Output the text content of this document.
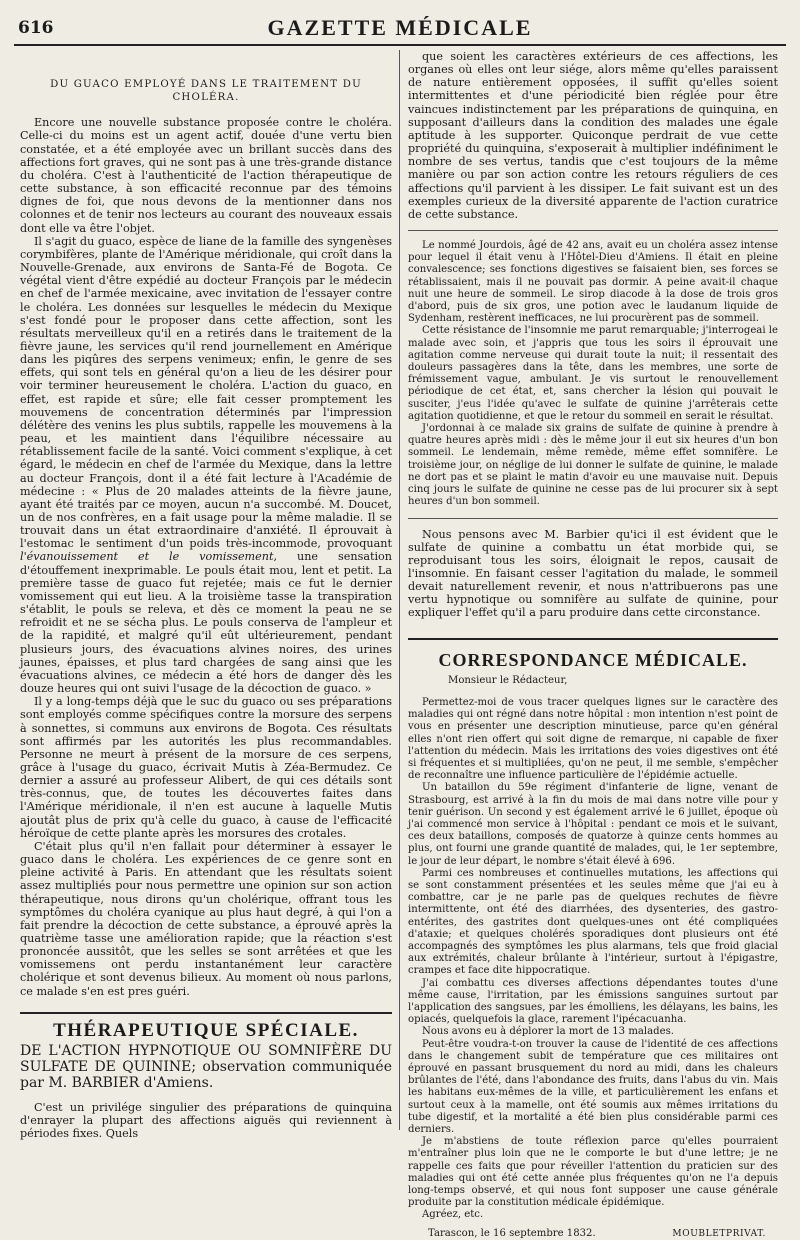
616	GAZETTE MÉDICALE

DU GUACO EMPLOYÉ DANS LE TRAITEMENT DU CHOLÉRA.

Encore une nouvelle substance proposée contre le choléra. Celle-ci du moins est un agent actif, douée d'une vertu bien constatée, et a été employée avec un brillant succès dans des affections fort graves, qui ne sont pas à une très-grande distance du choléra. C'est à l'authenticité de l'action thérapeutique de cette substance, à son efficacité reconnue par des témoins dignes de foi, que nous devons de la mentionner dans nos colonnes et de tenir nos lecteurs au courant des nouveaux essais dont elle va être l'objet.

Il s'agit du guaco, espèce de liane de la famille des syngenèses corymbifères, plante de l'Amérique méridionale, qui croît dans la Nouvelle-Grenade, aux environs de Santa-Fé de Bogota. Ce végétal vient d'être expédié au docteur François par le médecin en chef de l'armée mexicaine, avec invitation de l'essayer contre le choléra. Les données sur lesquelles le médecin du Mexique s'est fondé pour le proposer dans cette affection, sont les résultats merveilleux qu'il en a retirés dans le traitement de la fièvre jaune, les services qu'il rend journellement en Amérique dans les piqûres des serpens venimeux; enfin, le genre de ses effets, qui sont tels en général qu'on a lieu de les désirer pour voir terminer heureusement le choléra. L'action du guaco, en effet, est rapide et sûre; elle fait cesser promptement les mouvemens de concentration déterminés par l'impression délétère des venins les plus subtils, rappelle les mouvemens à la peau, et les maintient dans l'équilibre nécessaire au rétablissement facile de la santé. Voici comment s'explique, à cet égard, le médecin en chef de l'armée du Mexique, dans la lettre au docteur François, dont il a été fait lecture à l'Académie de médecine : « Plus de 20 malades atteints de la fièvre jaune, ayant été traités par ce moyen, aucun n'a succombé. M. Doucet, un de nos confrères, en a fait usage pour la même maladie. Il se trouvait dans un état extraordinaire d'anxiété. Il éprouvait à l'estomac le sentiment d'un poids très-incommode, provoquant l'évanouissement et le vomissement, une sensation d'étouffement inexprimable. Le pouls était mou, lent et petit. La première tasse de guaco fut rejetée; mais ce fut le dernier vomissement qui eut lieu. A la troisième tasse la transpiration s'établit, le pouls se releva, et dès ce moment la peau ne se refroidit et ne se sécha plus. Le pouls conserva de l'ampleur et de la rapidité, et malgré qu'il eût ultérieurement, pendant plusieurs jours, des évacuations alvines noires, des urines jaunes, épaisses, et plus tard chargées de sang ainsi que les évacuations alvines, ce médecin a été hors de danger dès les douze heures qui ont suivi l'usage de la décoction de guaco. »

Il y a long-temps déjà que le suc du guaco ou ses préparations sont employés comme spécifiques contre la morsure des serpens à sonnettes, si communs aux environs de Bogota. Ces résultats sont affirmés par les autorités les plus recommandables. Personne ne meurt à présent de la morsure de ces serpens, grâce à l'usage du guaco, écrivait Mutis à Zéa-Bermudez. Ce dernier a assuré au professeur Alibert, de qui ces détails sont très-connus, que, de toutes les découvertes faites dans l'Amérique méridionale, il n'en est aucune à laquelle Mutis ajoutât plus de prix qu'à celle du guaco, à cause de l'efficacité héroïque de cette plante après les morsures des crotales.

C'était plus qu'il n'en fallait pour déterminer à essayer le guaco dans le choléra. Les expériences de ce genre sont en pleine activité à Paris. En attendant que les résultats soient assez multipliés pour nous permettre une opinion sur son action thérapeutique, nous dirons qu'un cholérique, offrant tous les symptômes du choléra cyanique au plus haut degré, à qui l'on a fait prendre la décoction de cette substance, a éprouvé après la quatrième tasse une amélioration rapide; que la réaction s'est prononcée aussitôt, que les selles se sont arrêtées et que les vomissemens ont perdu instantanément leur caractère cholérique et sont devenus bilieux. Au moment où nous parlons, ce malade s'en est pres guéri.

THÉRAPEUTIQUE SPÉCIALE.

DE L'ACTION HYPNOTIQUE OU SOMNIFÈRE DU SULFATE DE QUININE; observation communiquée par M. BARBIER d'Amiens.

C'est un privilége singulier des préparations de quinquina d'enrayer la plupart des affections aiguës qui reviennent à périodes fixes. Quels

que soient les caractères extérieurs de ces affections, les organes où elles ont leur siége, alors même qu'elles paraissent de nature entièrement opposées, il suffit qu'elles soient intermittentes et d'une périodicité bien réglée pour être vaincues indistinctement par les préparations de quinquina, en supposant d'ailleurs dans la condition des malades une égale aptitude à les supporter. Quiconque perdrait de vue cette propriété du quinquina, s'exposerait à multiplier indéfiniment le nombre de ses vertus, tandis que c'est toujours de la même manière ou par son action contre les retours réguliers de ces affections qu'il parvient à les dissiper. Le fait suivant est un des exemples curieux de la diversité apparente de l'action curatrice de cette substance.

Le nommé Jourdois, âgé de 42 ans, avait eu un choléra assez intense pour lequel il était venu à l'Hôtel-Dieu d'Amiens. Il était en pleine convalescence; ses fonctions digestives se faisaient bien, ses forces se rétablissaient, mais il ne pouvait pas dormir. A peine avait-il chaque nuit une heure de sommeil. Le sirop diacode à la dose de trois gros d'abord, puis de six gros, une potion avec le laudanum liquide de Sydenham, restèrent inefficaces, ne lui procurèrent pas de sommeil.

Cette résistance de l'insomnie me parut remarquable; j'interrogeai le malade avec soin, et j'appris que tous les soirs il éprouvait une agitation comme nerveuse qui durait toute la nuit; il ressentait des douleurs passagères dans la tête, dans les membres, une sorte de frémissement vague, ambulant. Je vis surtout le renouvellement périodique de cet état, et, sans chercher la lésion qui pouvait le susciter, j'eus l'idée qu'avec le sulfate de quinine j'arrêterais cette agitation quotidienne, et que le retour du sommeil en serait le résultat.

J'ordonnai à ce malade six grains de sulfate de quinine à prendre à quatre heures après midi : dès le même jour il eut six heures d'un bon sommeil. Le lendemain, même remède, même effet somnifère. Le troisième jour, on néglige de lui donner le sulfate de quinine, le malade ne dort pas et se plaint le matin d'avoir eu une mauvaise nuit. Depuis cinq jours le sulfate de quinine ne cesse pas de lui procurer six à sept heures d'un bon sommeil.

Nous pensons avec M. Barbier qu'ici il est évident que le sulfate de quinine a combattu un état morbide qui, se reproduisant tous les soirs, éloignait le repos, causait de l'insomnie. En faisant cesser l'agitation du malade, le sommeil devait naturellement revenir, et nous n'attribuerons pas une vertu hypnotique ou somnifère au sulfate de quinine, pour expliquer l'effet qu'il a paru produire dans cette circonstance.

CORRESPONDANCE MÉDICALE.

Monsieur le Rédacteur,

Permettez-moi de vous tracer quelques lignes sur le caractère des maladies qui ont régné dans notre hôpital : mon intention n'est point de vous en présenter une description minutieuse, parce qu'en général elles n'ont rien offert qui soit digne de remarque, ni capable de fixer l'attention du médecin. Mais les irritations des voies digestives ont été si fréquentes et si multipliées, qu'on ne peut, il me semble, s'empêcher de reconnaître une influence particulière de l'épidémie actuelle.

Un bataillon du 59e régiment d'infanterie de ligne, venant de Strasbourg, est arrivé à la fin du mois de mai dans notre ville pour y tenir guérison. Un second y est également arrivé le 6 juillet, époque où j'ai commencé mon service à l'hôpital : pendant ce mois et le suivant, ces deux bataillons, composés de quatorze à quinze cents hommes au plus, ont fourni une grande quantité de malades, qui, le 1er septembre, le jour de leur départ, le nombre s'était élevé à 696.

Parmi ces nombreuses et continuelles mutations, les affections qui se sont constamment présentées et les seules même que j'ai eu à combattre, car je ne parle pas de quelques rechutes de fièvre intermittente, ont été des diarrhées, des dysenteries, des gastro-entérites, des gastrites dont quelques-unes ont été compliquées d'ataxie; et quelques cholérés sporadiques dont plusieurs ont été accompagnés des symptômes les plus alarmans, tels que froid glacial aux extrémités, chaleur brûlante à l'intérieur, surtout à l'épigastre, crampes et face dite hippocratique.

J'ai combattu ces diverses affections dépendantes toutes d'une même cause, l'irritation, par les émissions sanguines surtout par l'application des sangsues, par les émolliens, les délayans, les bains, les opiacés, quelquefois la glace, rarement l'ipécacuanha.

Nous avons eu à déplorer la mort de 13 malades.

Peut-être voudra-t-on trouver la cause de l'identité de ces affections dans le changement subit de température que ces militaires ont éprouvé en passant brusquement du nord au midi, dans les chaleurs brûlantes de l'été, dans l'abondance des fruits, dans l'abus du vin. Mais les habitans eux-mêmes de la ville, et particulièrement les enfans et surtout ceux à la mamelle, ont été soumis aux mêmes irritations du tube digestif, et la mortalité a été bien plus considérable parmi ces derniers.

Je m'abstiens de toute réflexion parce qu'elles pourraient m'entraîner plus loin que ne le comporte le but d'une lettre; je ne rappelle ces faits que pour réveiller l'attention du praticien sur des maladies qui ont été cette année plus fréquentes qu'on ne l'a depuis long-temps observé, et qui nous font supposer une cause générale produite par la constitution médicale épidémique.

Agréez, etc.

Tarascon, le 16 septembre 1832.	MOUBLETPRIVAT.
